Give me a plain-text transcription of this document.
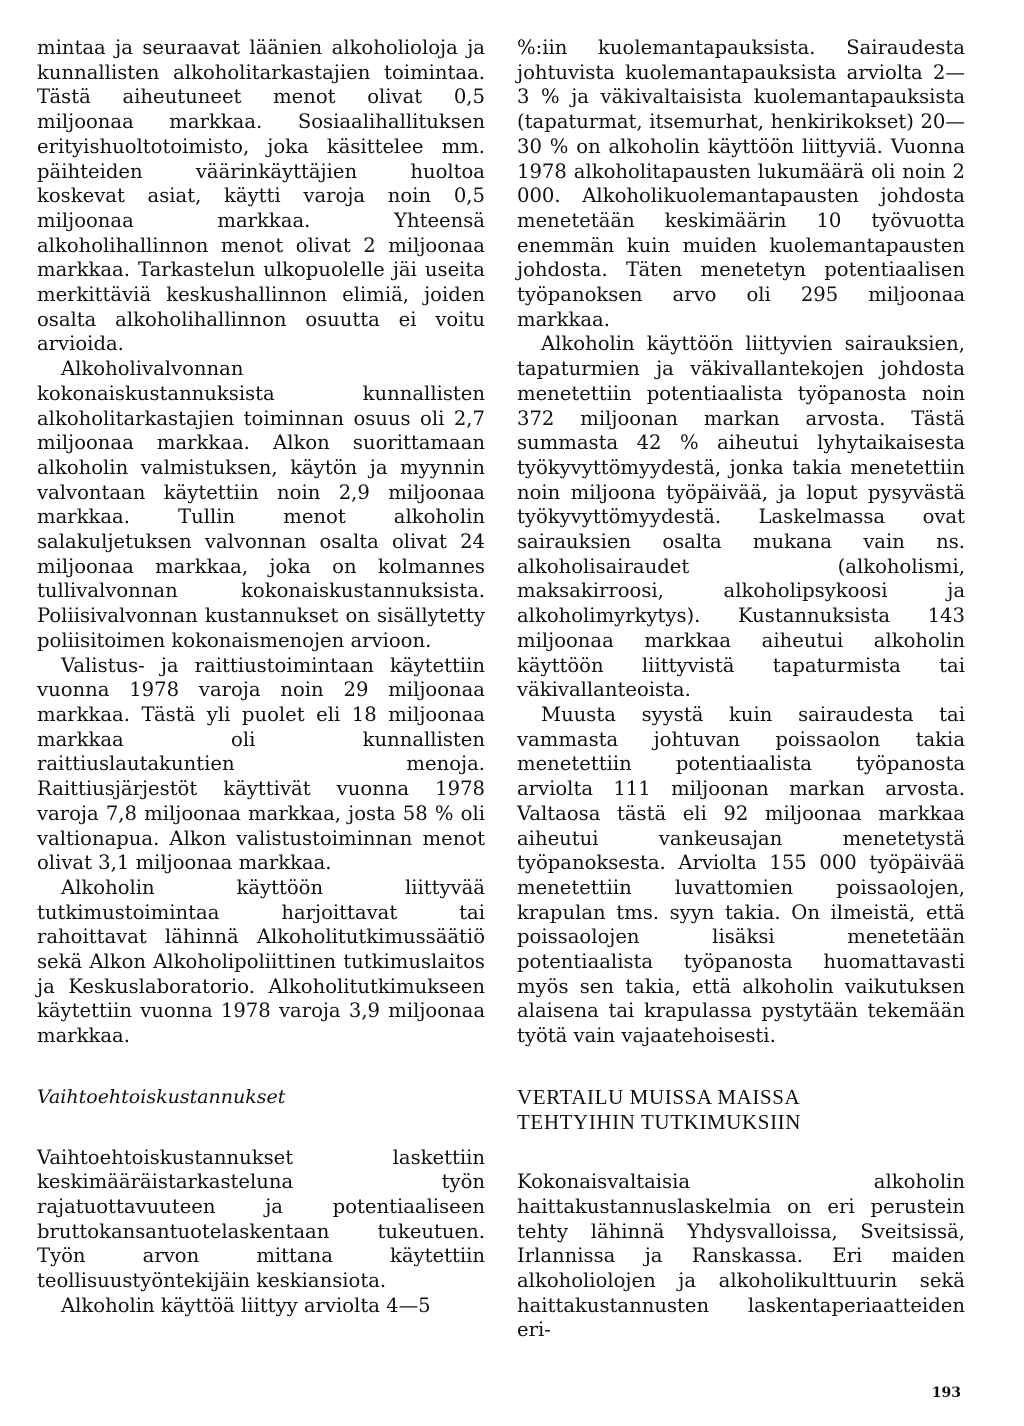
mintaa ja seuraavat läänien alkoholioloja ja kunnallisten alkoholitarkastajien toimintaa. Tästä aiheutuneet menot olivat 0,5 miljoonaa markkaa. Sosiaalihallituksen erityishuoltotoimisto, joka käsittelee mm. päihteiden väärinkäyttäjien huoltoa koskevat asiat, käytti varoja noin 0,5 miljoonaa markkaa. Yhteensä alkoholihallinnon menot olivat 2 miljoonaa markkaa. Tarkastelun ulkopuolelle jäi useita merkittäviä keskushallinnon elimiä, joiden osalta alkoholihallinnon osuutta ei voitu arvioida.

Alkoholivalvonnan kokonaiskustannuksista kunnallisten alkoholitarkastajien toiminnan osuus oli 2,7 miljoonaa markkaa. Alkon suorittamaan alkoholin valmistuksen, käytön ja myynnin valvontaan käytettiin noin 2,9 miljoonaa markkaa. Tullin menot alkoholin salakuljetuksen valvonnan osalta olivat 24 miljoonaa markkaa, joka on kolmannes tullivalvonnan kokonaiskustannuksista. Poliisivalvonnan kustannukset on sisällytetty poliisitoimen kokonaismenojen arvioon.

Valistus- ja raittiustoimintaan käytettiin vuonna 1978 varoja noin 29 miljoonaa markkaa. Tästä yli puolet eli 18 miljoonaa markkaa oli kunnallisten raittiuslautakuntien menoja. Raittiusjärjestöt käyttivät vuonna 1978 varoja 7,8 miljoonaa markkaa, josta 58 % oli valtionapua. Alkon valistustoiminnan menot olivat 3,1 miljoonaa markkaa.

Alkoholin käyttöön liittyvää tutkimustoimintaa harjoittavat tai rahoittavat lähinnä Alkoholitutkimussäätiö sekä Alkon Alkoholipoliittinen tutkimuslaitos ja Keskuslaboratorio. Alkoholitutkimukseen käytettiin vuonna 1978 varoja 3,9 miljoonaa markkaa.

Vaihtoehtoiskustannukset

Vaihtoehtoiskustannukset laskettiin keskimääräistarkasteluna työn rajatuottavuuteen ja potentiaaliseen bruttokansantuotelaskentaan tukeutuen. Työn arvon mittana käytettiin teollisuustyöntekijäin keskiansiota.

Alkoholin käyttöä liittyy arviolta 4—5

%:iin kuolemantapauksista. Sairaudesta johtuvista kuolemantapauksista arviolta 2—3 % ja väkivaltaisista kuolemantapauksista (tapaturmat, itsemurhat, henkirikokset) 20—30 % on alkoholin käyttöön liittyviä. Vuonna 1978 alkoholitapausten lukumäärä oli noin 2 000. Alkoholikuolemantapausten johdosta menetetään keskimäärin 10 työvuotta enemmän kuin muiden kuolemantapausten johdosta. Täten menetetyn potentiaalisen työpanoksen arvo oli 295 miljoonaa markkaa.

Alkoholin käyttöön liittyvien sairauksien, tapaturmien ja väkivallantekojen johdosta menetettiin potentiaalista työpanosta noin 372 miljoonan markan arvosta. Tästä summasta 42 % aiheutui lyhytaikaisesta työkyvyttömyydestä, jonka takia menetettiin noin miljoona työpäivää, ja loput pysyvästä työkyvyttömyydestä. Laskelmassa ovat sairauksien osalta mukana vain ns. alkoholisairaudet (alkoholismi, maksakirroosi, alkoholipsykoosi ja alkoholimyrkytys). Kustannuksista 143 miljoonaa markkaa aiheutui alkoholin käyttöön liittyvistä tapaturmista tai väkivallanteoista.

Muusta syystä kuin sairaudesta tai vammasta johtuvan poissaolon takia menetettiin potentiaalista työpanosta arviolta 111 miljoonan markan arvosta. Valtaosa tästä eli 92 miljoonaa markkaa aiheutui vankeusajan menetetystä työpanoksesta. Arviolta 155 000 työpäivää menetettiin luvattomien poissaolojen, krapulan tms. syyn takia. On ilmeistä, että poissaolojen lisäksi menetetään potentiaalista työpanosta huomattavasti myös sen takia, että alkoholin vaikutuksen alaisena tai krapulassa pystytään tekemään työtä vain vajaatehoisesti.

VERTAILU MUISSA MAISSA
TEHTYIHIN TUTKIMUKSIIN

Kokonaisvaltaisia alkoholin haittakustannuslaskelmia on eri perustein tehty lähinnä Yhdysvalloissa, Sveitsissä, Irlannissa ja Ranskassa. Eri maiden alkoholiolojen ja alkoholikulttuurin sekä haittakustannusten laskentaperiaatteiden eri-

193
